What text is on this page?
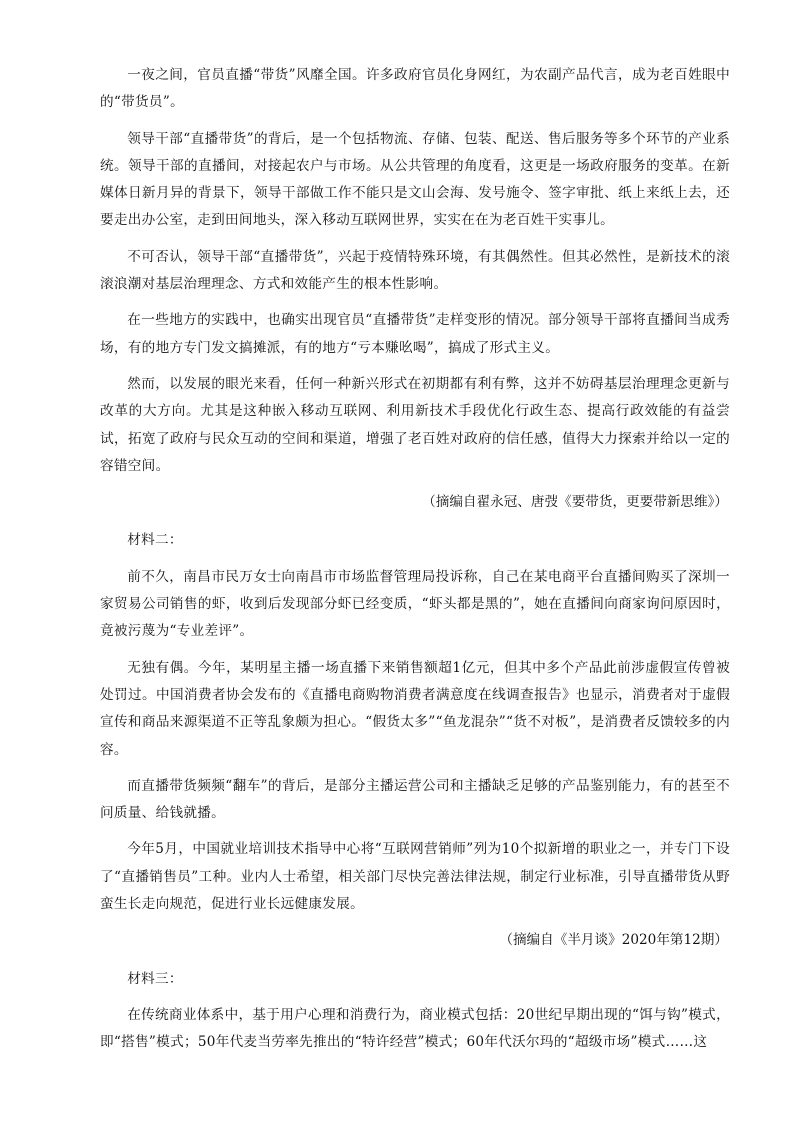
一夜之间，官员直播“带货”风靡全国。许多政府官员化身网红，为农副产品代言，成为老百姓眼中的“带货员”。

领导干部“直播带货”的背后，是一个包括物流、存储、包装、配送、售后服务等多个环节的产业系统。领导干部的直播间，对接起农户与市场。从公共管理的角度看，这更是一场政府服务的变革。在新媒体日新月异的背景下，领导干部做工作不能只是文山会海、发号施令、签字审批、纸上来纸上去，还要走出办公室，走到田间地头，深入移动互联网世界，实实在在为老百姓干实事儿。

不可否认，领导干部“直播带货”，兴起于疫情特殊环境，有其偶然性。但其必然性，是新技术的滚滚浪潮对基层治理理念、方式和效能产生的根本性影响。

在一些地方的实践中，也确实出现官员“直播带货”走样变形的情况。部分领导干部将直播间当成秀场，有的地方专门发文搞摊派，有的地方“亏本赚吆喝”，搞成了形式主义。

然而，以发展的眼光来看，任何一种新兴形式在初期都有利有弊，这并不妨碍基层治理理念更新与改革的大方向。尤其是这种嵌入移动互联网、利用新技术手段优化行政生态、提高行政效能的有益尝试，拓宽了政府与民众互动的空间和渠道，增强了老百姓对政府的信任感，值得大力探索并给以一定的容错空间。

（摘编自翟永冠、唐弢《要带货，更要带新思维》）

材料二：

前不久，南昌市民万女士向南昌市市场监督管理局投诉称，自己在某电商平台直播间购买了深圳一家贸易公司销售的虾，收到后发现部分虾已经变质，“虾头都是黑的”，她在直播间向商家询问原因时，竟被污蔑为“专业差评”。

无独有偶。今年，某明星主播一场直播下来销售额超1亿元，但其中多个产品此前涉虚假宣传曾被处罚过。中国消费者协会发布的《直播电商购物消费者满意度在线调查报告》也显示，消费者对于虚假宣传和商品来源渠道不正等乱象颇为担心。“假货太多”“鱼龙混杂”“货不对板”，是消费者反馈较多的内容。

而直播带货频频“翻车”的背后，是部分主播运营公司和主播缺乏足够的产品鉴别能力，有的甚至不问质量、给钱就播。

今年5月，中国就业培训技术指导中心将“互联网营销师”列为10个拟新增的职业之一，并专门下设了“直播销售员”工种。业内人士希望，相关部门尽快完善法律法规，制定行业标准，引导直播带货从野蛮生长走向规范，促进行业长远健康发展。

（摘编自《半月谈》2020年第12期）

材料三：

在传统商业体系中，基于用户心理和消费行为，商业模式包括：20世纪早期出现的“饵与钩”模式，即“搭售”模式；50年代麦当劳率先推出的“特许经营”模式；60年代沃尔玛的“超级市场”模式……这
